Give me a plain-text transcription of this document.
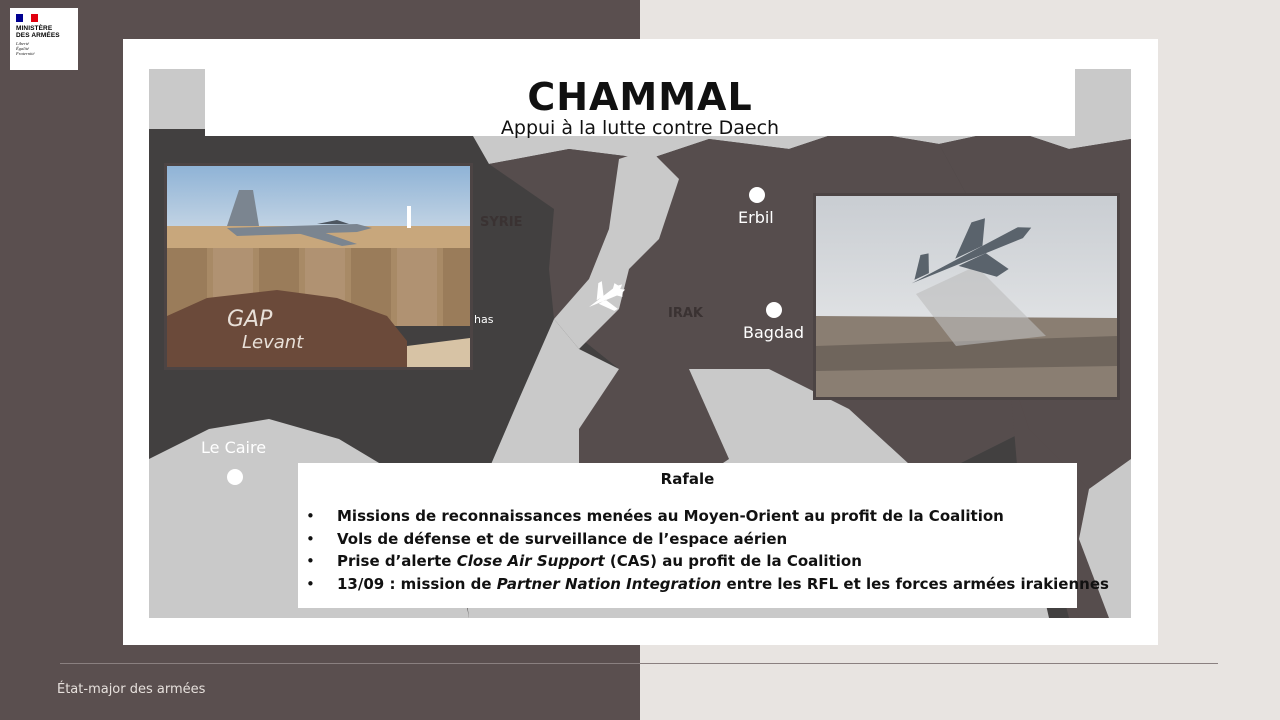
MINISTÈRE
DES ARMÉES
Liberté
Égalité
Fraternité
SYRIE
IRAK
Erbil
Bagdad
Le Caire
has
CHAMMAL
Appui à la lutte contre Daech
GAP
Levant
Rafale
• Missions de reconnaissances menées au Moyen-Orient au profit de la Coalition
• Vols de défense et de surveillance de l’espace aérien
• Prise d’alerte Close Air Support (CAS) au profit de la Coalition
• 13/09 : mission de Partner Nation Integration entre les RFL et les forces armées irakiennes
État-major des armées
